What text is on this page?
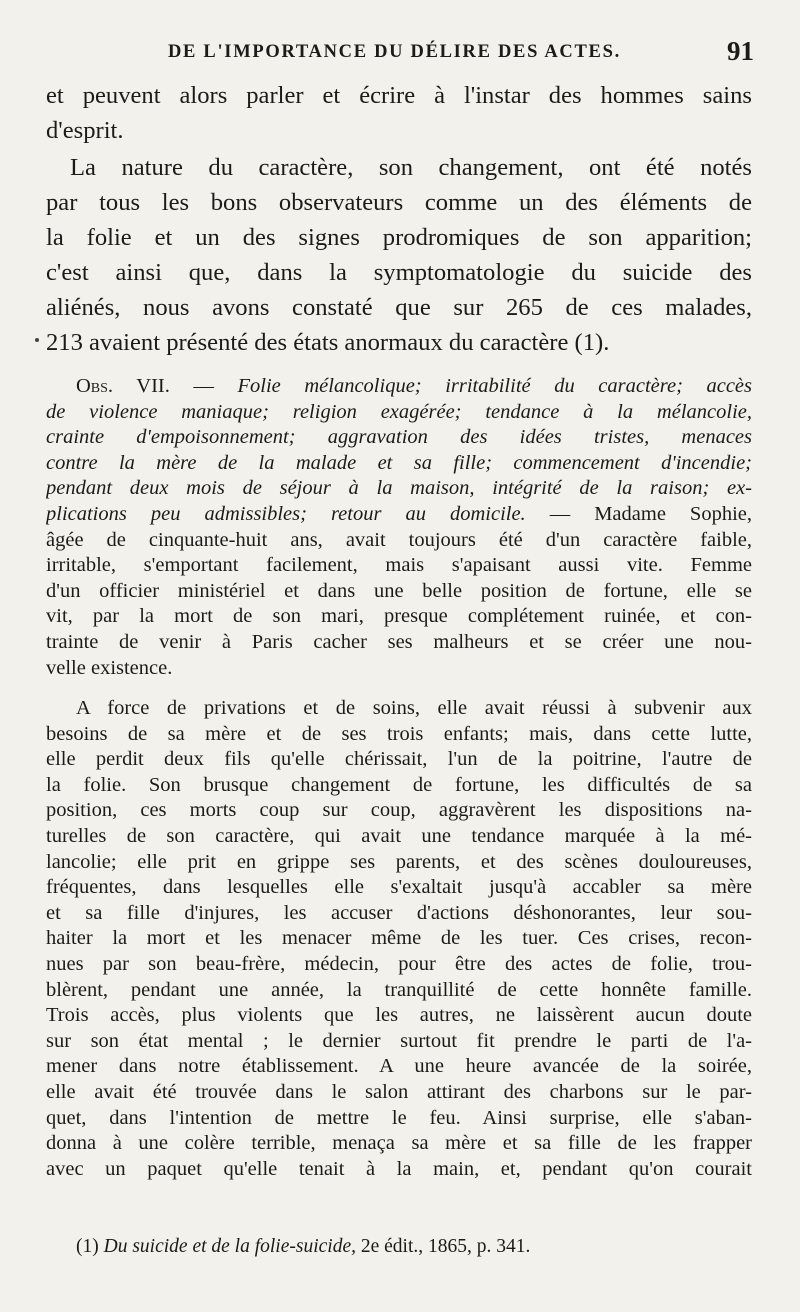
DE L'IMPORTANCE DU DÉLIRE DES ACTES.	91
et peuvent alors parler et écrire à l'instar des hommes sains
d'esprit.
La nature du caractère, son changement, ont été notés
par tous les bons observateurs comme un des éléments de
la folie et un des signes prodromiques de son apparition;
c'est ainsi que, dans la symptomatologie du suicide des
aliénés, nous avons constaté que sur 265 de ces malades,
213 avaient présenté des états anormaux du caractère (1).
Obs. VII. — Folie mélancolique; irritabilité du caractère; accès
de violence maniaque; religion exagérée; tendance à la mélancolie,
crainte d'empoisonnement; aggravation des idées tristes, menaces
contre la mère de la malade et sa fille; commencement d'incendie;
pendant deux mois de séjour à la maison, intégrité de la raison; ex-
plications peu admissibles; retour au domicile. — Madame Sophie,
âgée de cinquante-huit ans, avait toujours été d'un caractère faible,
irritable, s'emportant facilement, mais s'apaisant aussi vite. Femme
d'un officier ministériel et dans une belle position de fortune, elle se
vit, par la mort de son mari, presque complétement ruinée, et con-
trainte de venir à Paris cacher ses malheurs et se créer une nou-
velle existence.
A force de privations et de soins, elle avait réussi à subvenir aux
besoins de sa mère et de ses trois enfants; mais, dans cette lutte,
elle perdit deux fils qu'elle chérissait, l'un de la poitrine, l'autre de
la folie. Son brusque changement de fortune, les difficultés de sa
position, ces morts coup sur coup, aggravèrent les dispositions na-
turelles de son caractère, qui avait une tendance marquée à la mé-
lancolie; elle prit en grippe ses parents, et des scènes douloureuses,
fréquentes, dans lesquelles elle s'exaltait jusqu'à accabler sa mère
et sa fille d'injures, les accuser d'actions déshonorantes, leur sou-
haiter la mort et les menacer même de les tuer. Ces crises, recon-
nues par son beau-frère, médecin, pour être des actes de folie, trou-
blèrent, pendant une année, la tranquillité de cette honnête famille.
Trois accès, plus violents que les autres, ne laissèrent aucun doute
sur son état mental ; le dernier surtout fit prendre le parti de l'a-
mener dans notre établissement. A une heure avancée de la soirée,
elle avait été trouvée dans le salon attirant des charbons sur le par-
quet, dans l'intention de mettre le feu. Ainsi surprise, elle s'aban-
donna à une colère terrible, menaça sa mère et sa fille de les frapper
avec un paquet qu'elle tenait à la main, et, pendant qu'on courait
(1) Du suicide et de la folie-suicide, 2e édit., 1865, p. 341.
